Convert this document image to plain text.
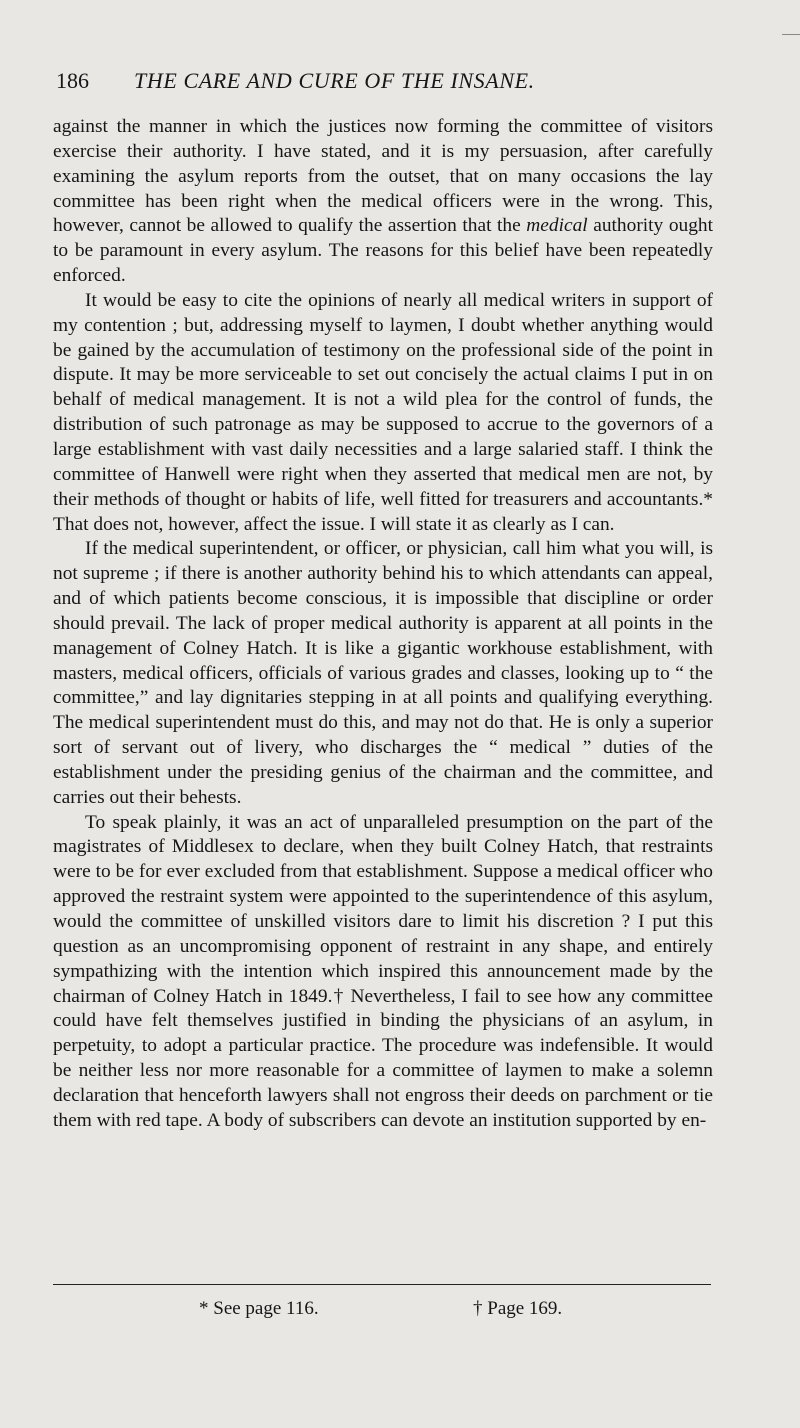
186 THE CARE AND CURE OF THE INSANE.

against the manner in which the justices now forming the committee of visitors exercise their authority. I have stated, and it is my persuasion, after carefully examining the asylum reports from the outset, that on many occasions the lay committee has been right when the medical officers were in the wrong. This, however, cannot be allowed to qualify the assertion that the medical authority ought to be paramount in every asylum. The reasons for this belief have been repeatedly enforced.

It would be easy to cite the opinions of nearly all medical writers in support of my contention ; but, addressing myself to laymen, I doubt whether anything would be gained by the accumulation of testimony on the professional side of the point in dispute. It may be more serviceable to set out concisely the actual claims I put in on behalf of medical management. It is not a wild plea for the control of funds, the distribution of such patronage as may be supposed to accrue to the governors of a large establishment with vast daily necessities and a large salaried staff. I think the committee of Hanwell were right when they asserted that medical men are not, by their methods of thought or habits of life, well fitted for treasurers and accountants.* That does not, however, affect the issue. I will state it as clearly as I can.

If the medical superintendent, or officer, or physician, call him what you will, is not supreme ; if there is another authority behind his to which attendants can appeal, and of which patients become conscious, it is impossible that discipline or order should prevail. The lack of proper medical authority is apparent at all points in the management of Colney Hatch. It is like a gigantic workhouse establishment, with masters, medical officers, officials of various grades and classes, looking up to “ the committee,” and lay dignitaries stepping in at all points and qualifying everything. The medical superintendent must do this, and may not do that. He is only a superior sort of servant out of livery, who discharges the “ medical ” duties of the establishment under the presiding genius of the chairman and the committee, and carries out their behests.

To speak plainly, it was an act of unparalleled presumption on the part of the magistrates of Middlesex to declare, when they built Colney Hatch, that restraints were to be for ever excluded from that establishment. Suppose a medical officer who approved the restraint system were appointed to the superintendence of this asylum, would the committee of unskilled visitors dare to limit his discretion ? I put this question as an uncompromising opponent of restraint in any shape, and entirely sympathizing with the intention which inspired this announcement made by the chairman of Colney Hatch in 1849.† Nevertheless, I fail to see how any committee could have felt themselves justified in binding the physicians of an asylum, in perpetuity, to adopt a particular practice. The procedure was indefensible. It would be neither less nor more reasonable for a committee of laymen to make a solemn declaration that henceforth lawyers shall not engross their deeds on parchment or tie them with red tape. A body of subscribers can devote an institution supported by en-

* See page 116.	† Page 169.
